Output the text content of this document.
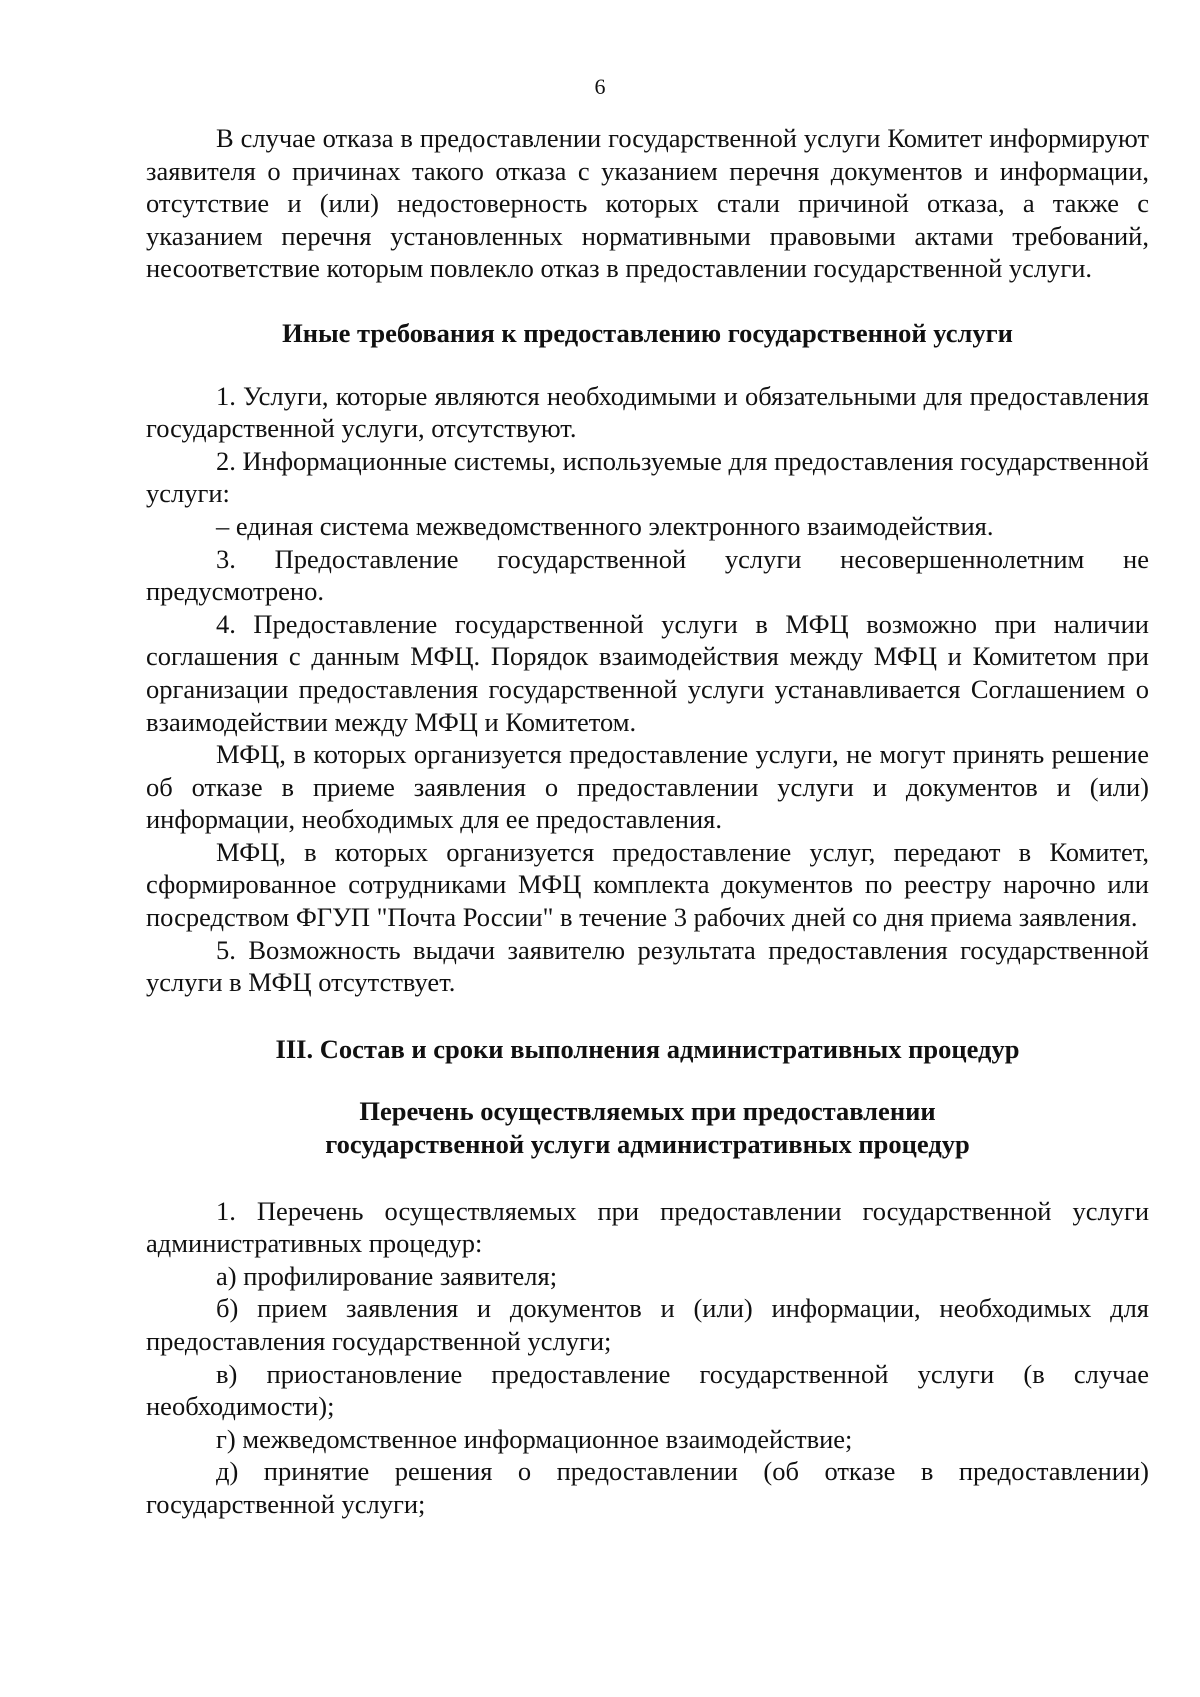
6

В случае отказа в предоставлении государственной услуги Комитет информируют заявителя о причинах такого отказа с указанием перечня документов и информации, отсутствие и (или) недостоверность которых стали причиной отказа, а также с указанием перечня установленных нормативными правовыми актами требований, несоответствие которым повлекло отказ в предоставлении государственной услуги.

Иные требования к предоставлению государственной услуги

1. Услуги, которые являются необходимыми и обязательными для предоставления государственной услуги, отсутствуют.

2. Информационные системы, используемые для предоставления государственной услуги:

– единая система межведомственного электронного взаимодействия.

3. Предоставление государственной услуги несовершеннолетним не предусмотрено.

4. Предоставление государственной услуги в МФЦ возможно при наличии соглашения с данным МФЦ. Порядок взаимодействия между МФЦ и Комитетом при организации предоставления государственной услуги устанавливается Соглашением о взаимодействии между МФЦ и Комитетом.

МФЦ, в которых организуется предоставление услуги, не могут принять решение об отказе в приеме заявления о предоставлении услуги и документов и (или) информации, необходимых для ее предоставления.

МФЦ, в которых организуется предоставление услуг, передают в Комитет, сформированное сотрудниками МФЦ комплекта документов по реестру нарочно или посредством ФГУП "Почта России" в течение 3 рабочих дней со дня приема заявления.

5. Возможность выдачи заявителю результата предоставления государственной услуги в МФЦ отсутствует.

III. Состав и сроки выполнения административных процедур

Перечень осуществляемых при предоставлении государственной услуги административных процедур

1. Перечень осуществляемых при предоставлении государственной услуги административных процедур:

а) профилирование заявителя;

б) прием заявления и документов и (или) информации, необходимых для предоставления государственной услуги;

в) приостановление предоставление государственной услуги (в случае необходимости);

г) межведомственное информационное взаимодействие;

д) принятие решения о предоставлении (об отказе в предоставлении) государственной услуги;
